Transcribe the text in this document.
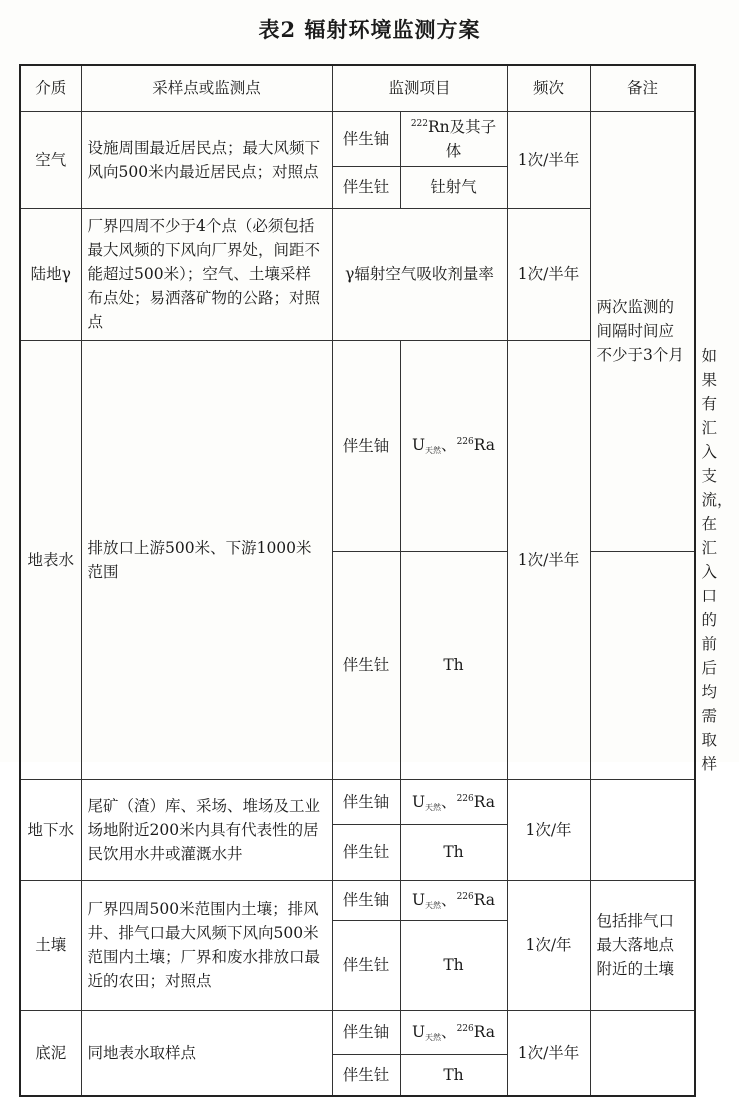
表2 辐射环境监测方案
介质	采样点或监测点	监测项目		频次	备注	
空气	设施周围最近居民点；最大风频下风向500米内最近居民点；对照点	伴生铀	$^{222}$Rn及其子体	1次/半年	两次监测的间隔时间应不少于3个月	
		伴生钍	钍射气			
陆地γ	厂界四周不少于4个点（必须包括最大风频的下风向厂界处，间距不能超过500米）；空气、土壤采样布点处；易洒落矿物的公路；对照点	γ辐射空气吸收剂量率		1次/半年		
地表水	排放口上游500米、下游1000米范围	伴生铀	$U_{天然}$、$^{226}$Ra	1次/半年		如果有汇入支流，在汇入口的前后均需取样
		伴生钍	Th			
地下水	尾矿（渣）库、采场、堆场及工业场地附近200米内具有代表性的居民饮用水井或灌溉水井	伴生铀	$U_{天然}$、$^{226}$Ra	1次/年		
		伴生钍	Th			
土壤	厂界四周500米范围内土壤；排风井、排气口最大风频下风向500米范围内土壤；厂界和废水排放口最近的农田；对照点	伴生铀	$U_{天然}$、$^{226}$Ra	1次/年	包括排气口最大落地点附近的土壤	
		伴生钍	Th			
底泥	同地表水取样点	伴生铀	$U_{天然}$、$^{226}$Ra	1次/半年		
		伴生钍	Th			
